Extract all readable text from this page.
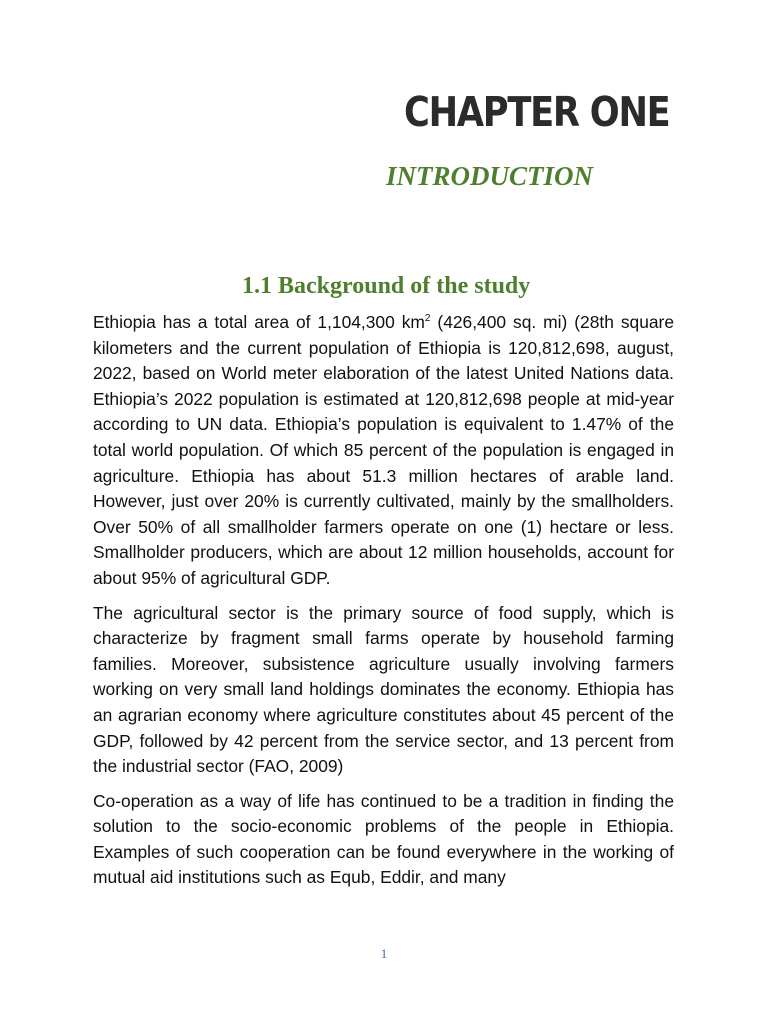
CHAPTER ONE
INTRODUCTION
1.1 Background of the study

Ethiopia has a total area of 1,104,300 $km^2$ (426,400 sq. mi) (28th square kilometers and the current population of Ethiopia is 120,812,698, august, 2022, based on World meter elaboration of the latest United Nations data. Ethiopia’s 2022 population is estimated at 120,812,698 people at mid-year according to UN data. Ethiopia’s population is equivalent to 1.47% of the total world population. Of which 85 percent of the population is engaged in agriculture. Ethiopia has about 51.3 million hectares of arable land. However, just over 20% is currently cultivated, mainly by the smallholders. Over 50% of all smallholder farmers operate on one (1) hectare or less. Smallholder producers, which are about 12 million households, account for about 95% of agricultural GDP.

The agricultural sector is the primary source of food supply, which is characterize by fragment small farms operate by household farming families. Moreover, subsistence agriculture usually involving farmers working on very small land holdings dominates the economy. Ethiopia has an agrarian economy where agriculture constitutes about 45 percent of the GDP, followed by 42 percent from the service sector, and 13 percent from the industrial sector (FAO, 2009)

Co-operation as a way of life has continued to be a tradition in finding the solution to the socio-economic problems of the people in Ethiopia. Examples of such cooperation can be found everywhere in the working of mutual aid institutions such as Equb, Eddir, and many

1
